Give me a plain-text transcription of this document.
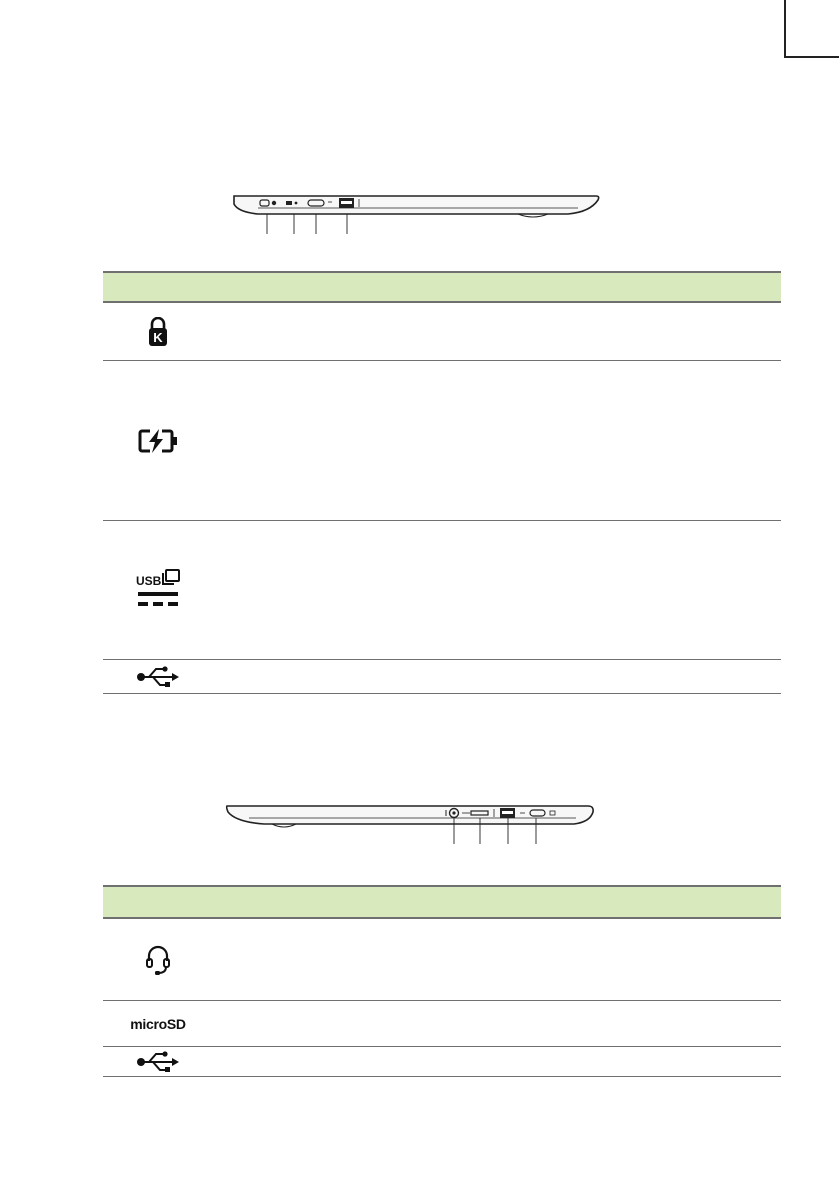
K
USB
microSD
